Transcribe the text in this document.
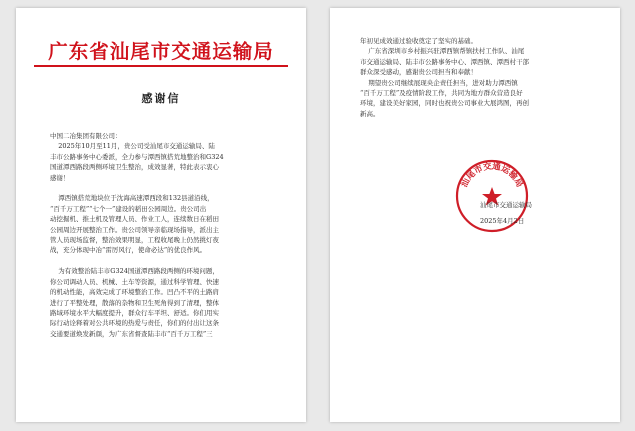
广东省汕尾市交通运输局
感谢信
中国二冶集团有限公司：
2025年10月至11月，贵公司受汕尾市交通运输局、陆
丰市公路事务中心委派，全力参与潭西镇搭荒地整治和G324
国道潭西路段两侧环境卫生整治，成效显著，特此表示衷心
感谢！

潭西镇搭荒地块位于沈海高速潭西段和132县道沿线，
“百千万工程”“七个一”建设的稻田公园周边。贵公司出
动挖掘机、推土机及管理人员、作业工人，连续数日在稻田
公园周边开展整治工作。贵公司领导亲临现场指导，派出主
管人员现场监督，整治效果明显，工程收尾晚上仍然挑灯夜
战，充分体现中冶“雷厉风行，使命必达”的优良作风。

为有效整治陆丰市G324国道潭西路段两侧的环境问题，
你公司调动人员、机械、土车等资源，通过科学管理、快速
的机动性能，高效完成了环境整治工作。凹凸不平的土路肩
进行了平整处理，散落的杂物和卫生死角得到了清理，整体
路域环境水平大幅度提升，群众行车平坦、舒适。你们用实
际行动诠释着对公共环境的热爱与责任，你们的付出让这条
交通要道焕发新颜，为广东省督查陆丰市“百千万工程”三
年初见成效通过验收奠定了坚实的基础。
广东省深圳市乡村振兴驻潭西镇帮镇扶村工作队、汕尾
市交通运输局、陆丰市公路事务中心、潭西镇、潭西村干部
群众深受感动，感谢贵公司担当和奉献！
期望贵公司继续展现央企责任担当，进对助力潭西镇
“百千万工程”及疫情阶段工作，共同为地方群众营造良好
环境，建设美好家园，同时也祝贵公司事业大展鸿图，再创
新高。
汕尾市交通运输局
汕尾市交通运输局
2025年4月2日
